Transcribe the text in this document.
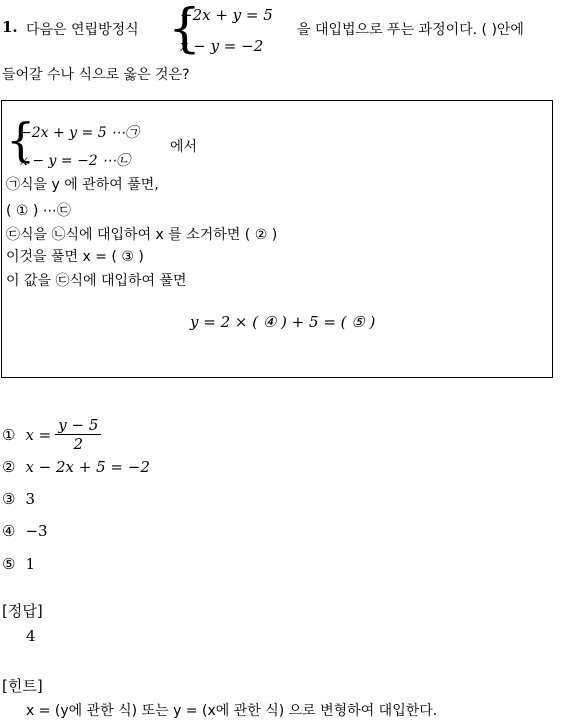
1. 다음은 연립방정식 {
−2x + y = 5
x − y = −2
을 대입법으로 푸는 과정이다. ( )안에
들어갈 수나 식으로 옳은 것은?
{
−2x + y = 5 ⋯㉠
x − y = −2 ⋯㉡
에서
㉠식을 y 에 관하여 풀면,
( ① ) ⋯㉢
㉢식을 ㉡식에 대입하여 x 를 소거하면 ( ② )
이것을 풀면 x = ( ③ )
이 값을 ㉢식에 대입하여 풀면
y = 2 × ( ④ ) + 5 = ( ⑤ )
① $x = \frac{y - 5}{2}$
② x − 2x + 5 = −2
③ 3
④ −3
⑤ 1
[정답]
4
[힌트]
x = (y에 관한 식) 또는 y = (x에 관한 식) 으로 변형하여 대입한다.
